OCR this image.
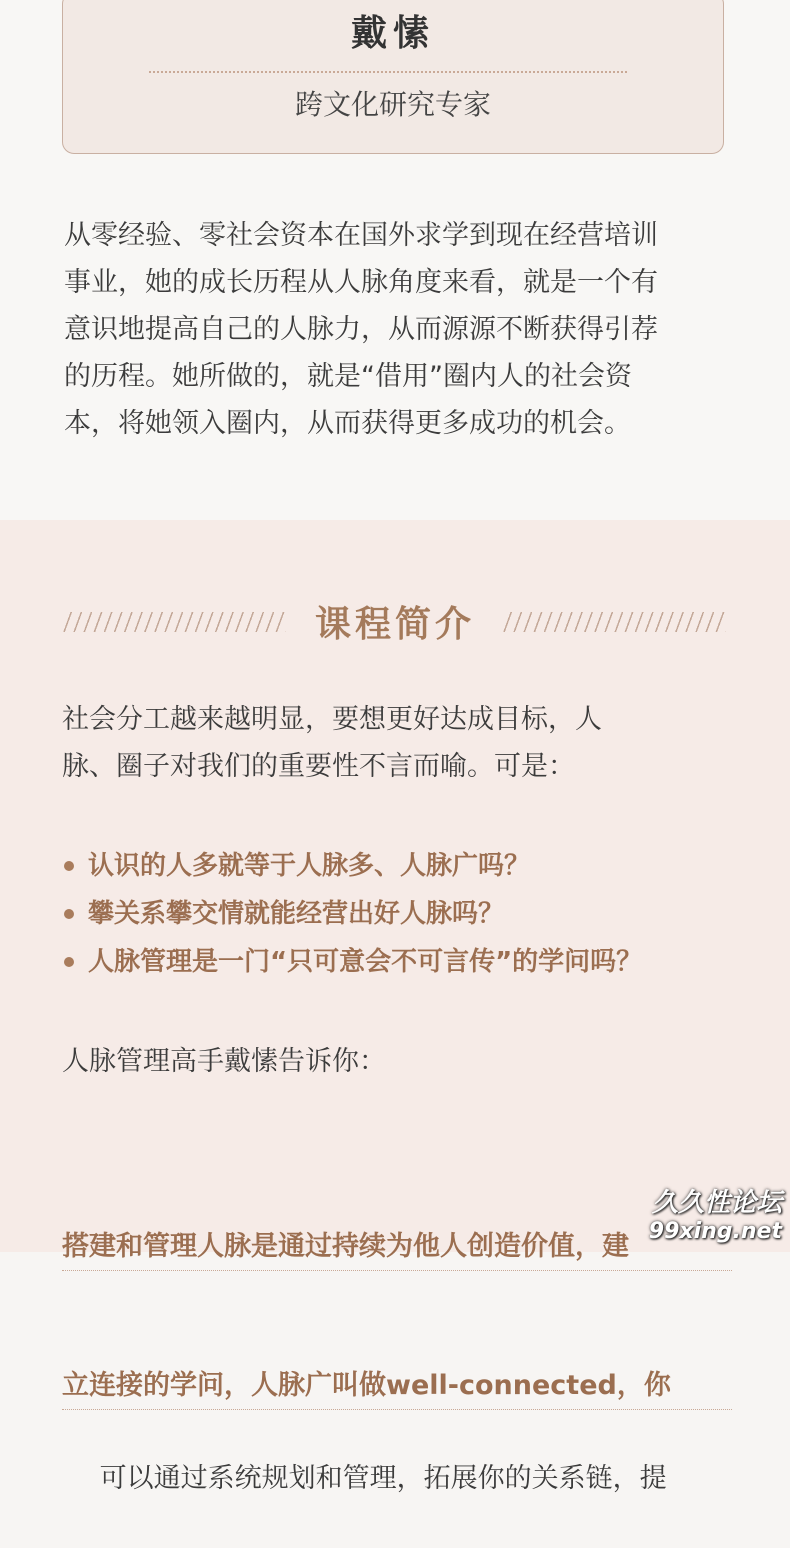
戴愫
跨文化研究专家

从零经验、零社会资本在国外求学到现在经营培训
事业，她的成长历程从人脉角度来看，就是一个有
意识地提高自己的人脉力，从而源源不断获得引荐
的历程。她所做的，就是“借用”圈内人的社会资
本，将她领入圈内，从而获得更多成功的机会。

课程简介

社会分工越来越明显，要想更好达成目标，人
脉、圈子对我们的重要性不言而喻。可是：

认识的人多就等于人脉多、人脉广吗？
攀关系攀交情就能经营出好人脉吗？
人脉管理是一门“只可意会不可言传”的学问吗？

人脉管理高手戴愫告诉你：

搭建和管理人脉是通过持续为他人创造价值，建

立连接的学问，人脉广叫做well-connected，你

可以通过系统规划和管理，拓展你的关系链，提

久久性论坛
99xing.net
